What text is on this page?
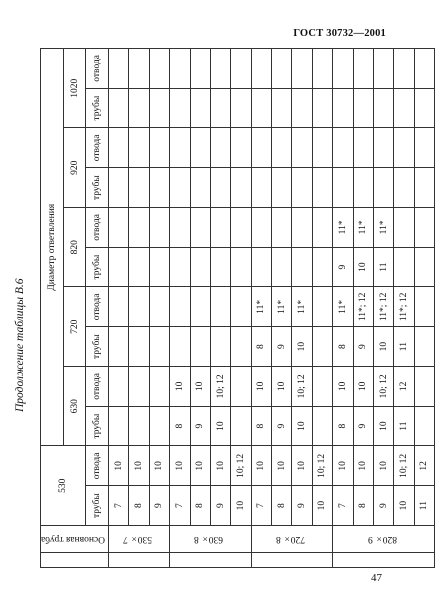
ГОСТ 30732—2001
Продолжение таблицы В.6
	Основная труба	530		Диаметр ответвления									
				630		720		820		920		1020	
		трубы	отвода	трубы	отвода	трубы	отвода	трубы	отвода	трубы	отвода	трубы	отвода
	530×7	7	10										
		8	10										
		9	10										
	630×8	7	10	8	10								
		8	10	9	10								
		9	10	10	10; 12								
		10	10; 12										
	720×8	7	10	8	10	8	11*						
		8	10	9	10	9	11*						
		9	10	10	10; 12	10	11*						
		10	10; 12										
	820×9	7	10	8	10	8	11*	9	11*				
		8	10	9	10	9	11*; 12	10	11*				
		9	10	10	10; 12	10	11*; 12	11	11*				
		10	10; 12	11	12	11	11*; 12						
		11	12										
47
